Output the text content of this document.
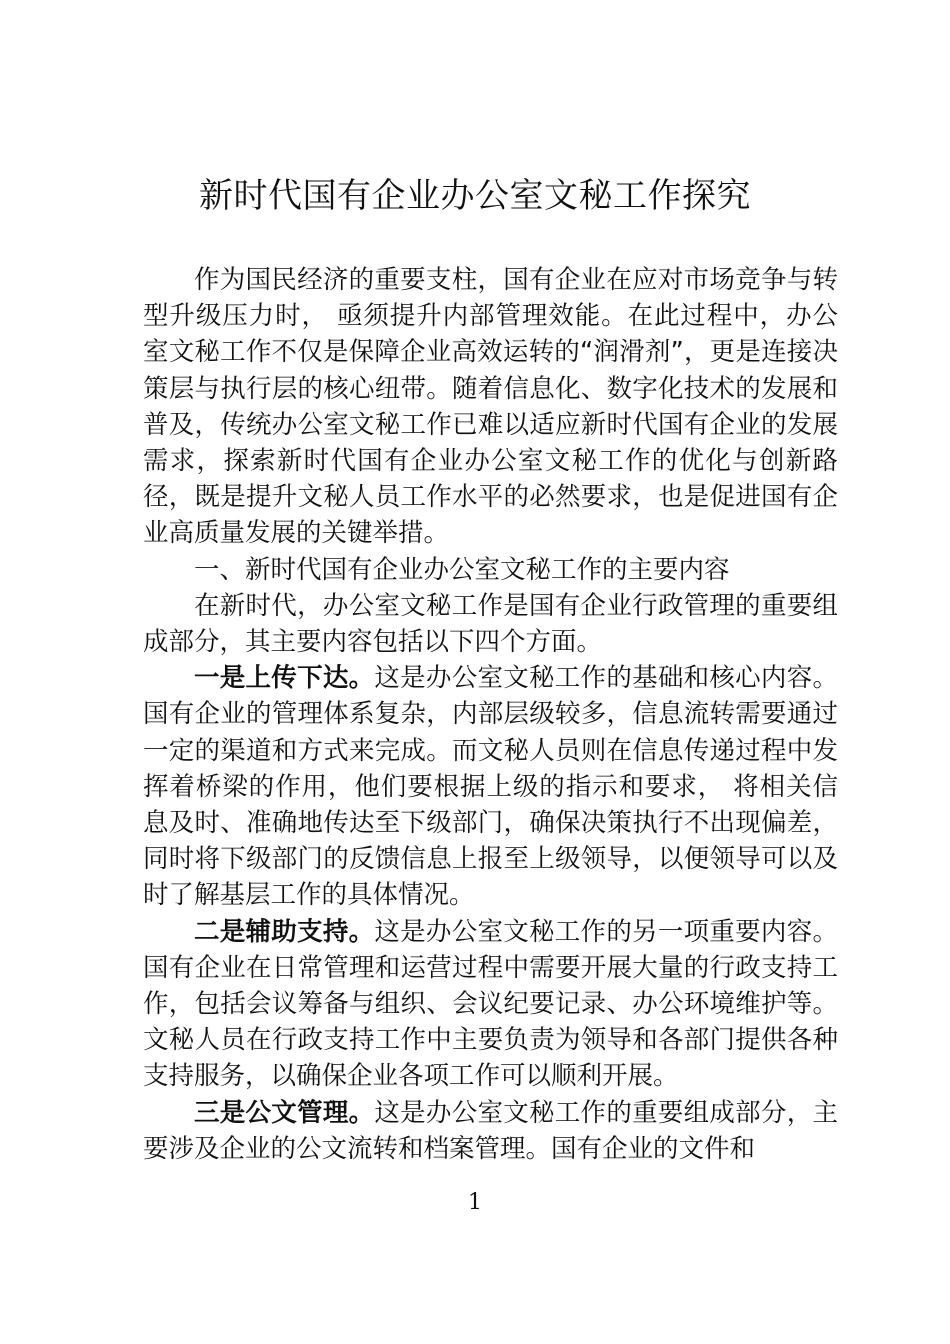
新时代国有企业办公室文秘工作探究

作为国民经济的重要支柱，国有企业在应对市场竞争与转型升级压力时， 亟须提升内部管理效能。在此过程中，办公室文秘工作不仅是保障企业高效运转的“润滑剂”，更是连接决策层与执行层的核心纽带。随着信息化、数字化技术的发展和普及，传统办公室文秘工作已难以适应新时代国有企业的发展需求，探索新时代国有企业办公室文秘工作的优化与创新路径，既是提升文秘人员工作水平的必然要求，也是促进国有企业高质量发展的关键举措。

一、新时代国有企业办公室文秘工作的主要内容

在新时代，办公室文秘工作是国有企业行政管理的重要组成部分，其主要内容包括以下四个方面。

一是上传下达。这是办公室文秘工作的基础和核心内容。国有企业的管理体系复杂，内部层级较多，信息流转需要通过一定的渠道和方式来完成。而文秘人员则在信息传递过程中发挥着桥梁的作用，他们要根据上级的指示和要求， 将相关信息及时、准确地传达至下级部门，确保决策执行不出现偏差，同时将下级部门的反馈信息上报至上级领导，以便领导可以及时了解基层工作的具体情况。

二是辅助支持。这是办公室文秘工作的另一项重要内容。国有企业在日常管理和运营过程中需要开展大量的行政支持工作，包括会议筹备与组织、会议纪要记录、办公环境维护等。文秘人员在行政支持工作中主要负责为领导和各部门提供各种支持服务，以确保企业各项工作可以顺利开展。

三是公文管理。这是办公室文秘工作的重要组成部分，主要涉及企业的公文流转和档案管理。国有企业的文件和

1
